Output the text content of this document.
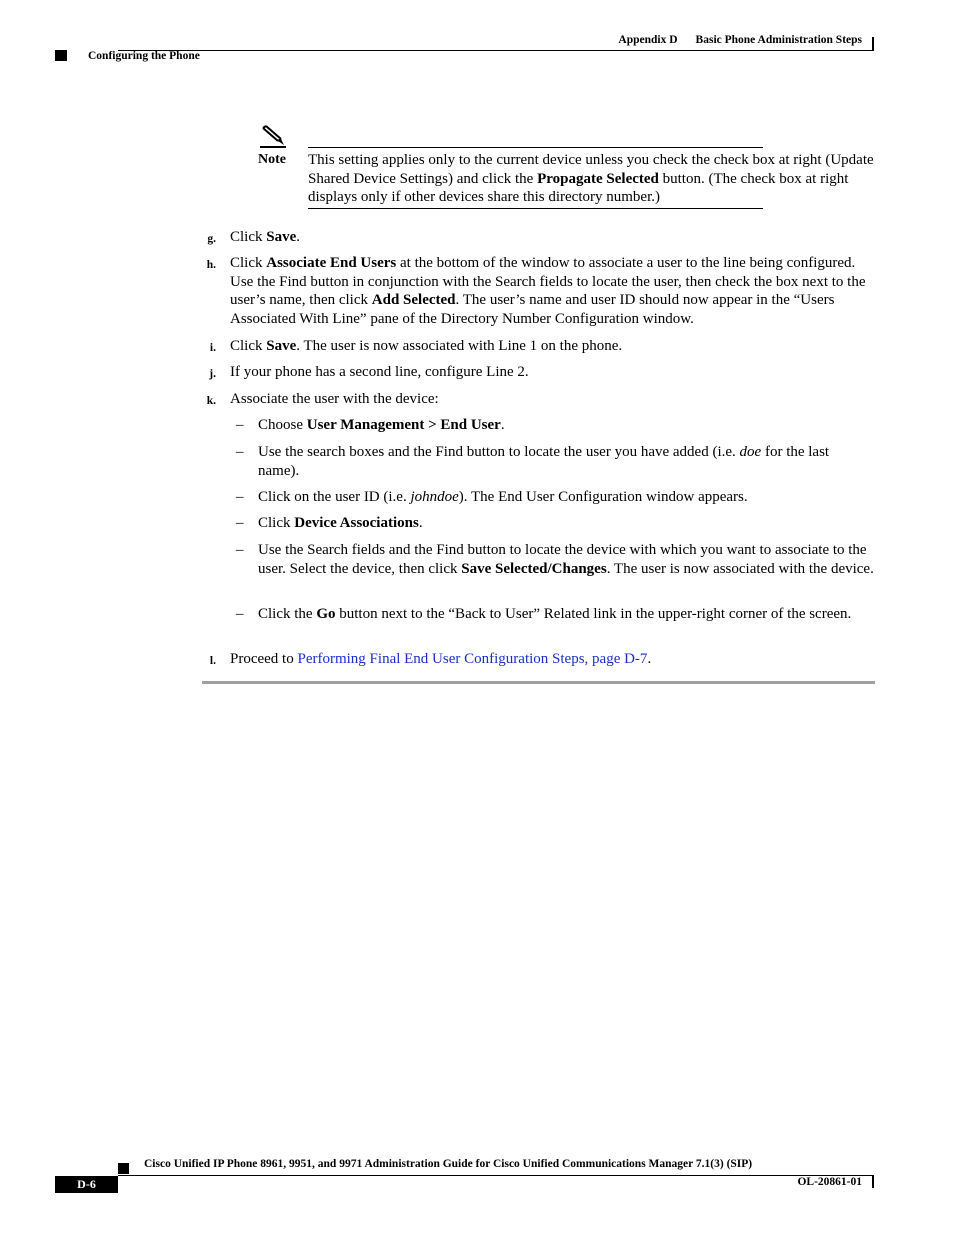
Appendix D Basic Phone Administration Steps
Configuring the Phone
Note This setting applies only to the current device unless you check the check box at right (Update Shared Device Settings) and click the Propagate Selected button. (The check box at right displays only if other devices share this directory number.)
g. Click Save.
h. Click Associate End Users at the bottom of the window to associate a user to the line being configured. Use the Find button in conjunction with the Search fields to locate the user, then check the box next to the user’s name, then click Add Selected. The user’s name and user ID should now appear in the “Users Associated With Line” pane of the Directory Number Configuration window.
i. Click Save. The user is now associated with Line 1 on the phone.
j. If your phone has a second line, configure Line 2.
k. Associate the user with the device:
– Choose User Management > End User.
– Use the search boxes and the Find button to locate the user you have added (i.e. doe for the last name).
– Click on the user ID (i.e. johndoe). The End User Configuration window appears.
– Click Device Associations.
– Use the Search fields and the Find button to locate the device with which you want to associate to the user. Select the device, then click Save Selected/Changes. The user is now associated with the device.
– Click the Go button next to the “Back to User” Related link in the upper-right corner of the screen.
l. Proceed to Performing Final End User Configuration Steps, page D-7.
Cisco Unified IP Phone 8961, 9951, and 9971 Administration Guide for Cisco Unified Communications Manager 7.1(3) (SIP)
D-6	OL-20861-01
